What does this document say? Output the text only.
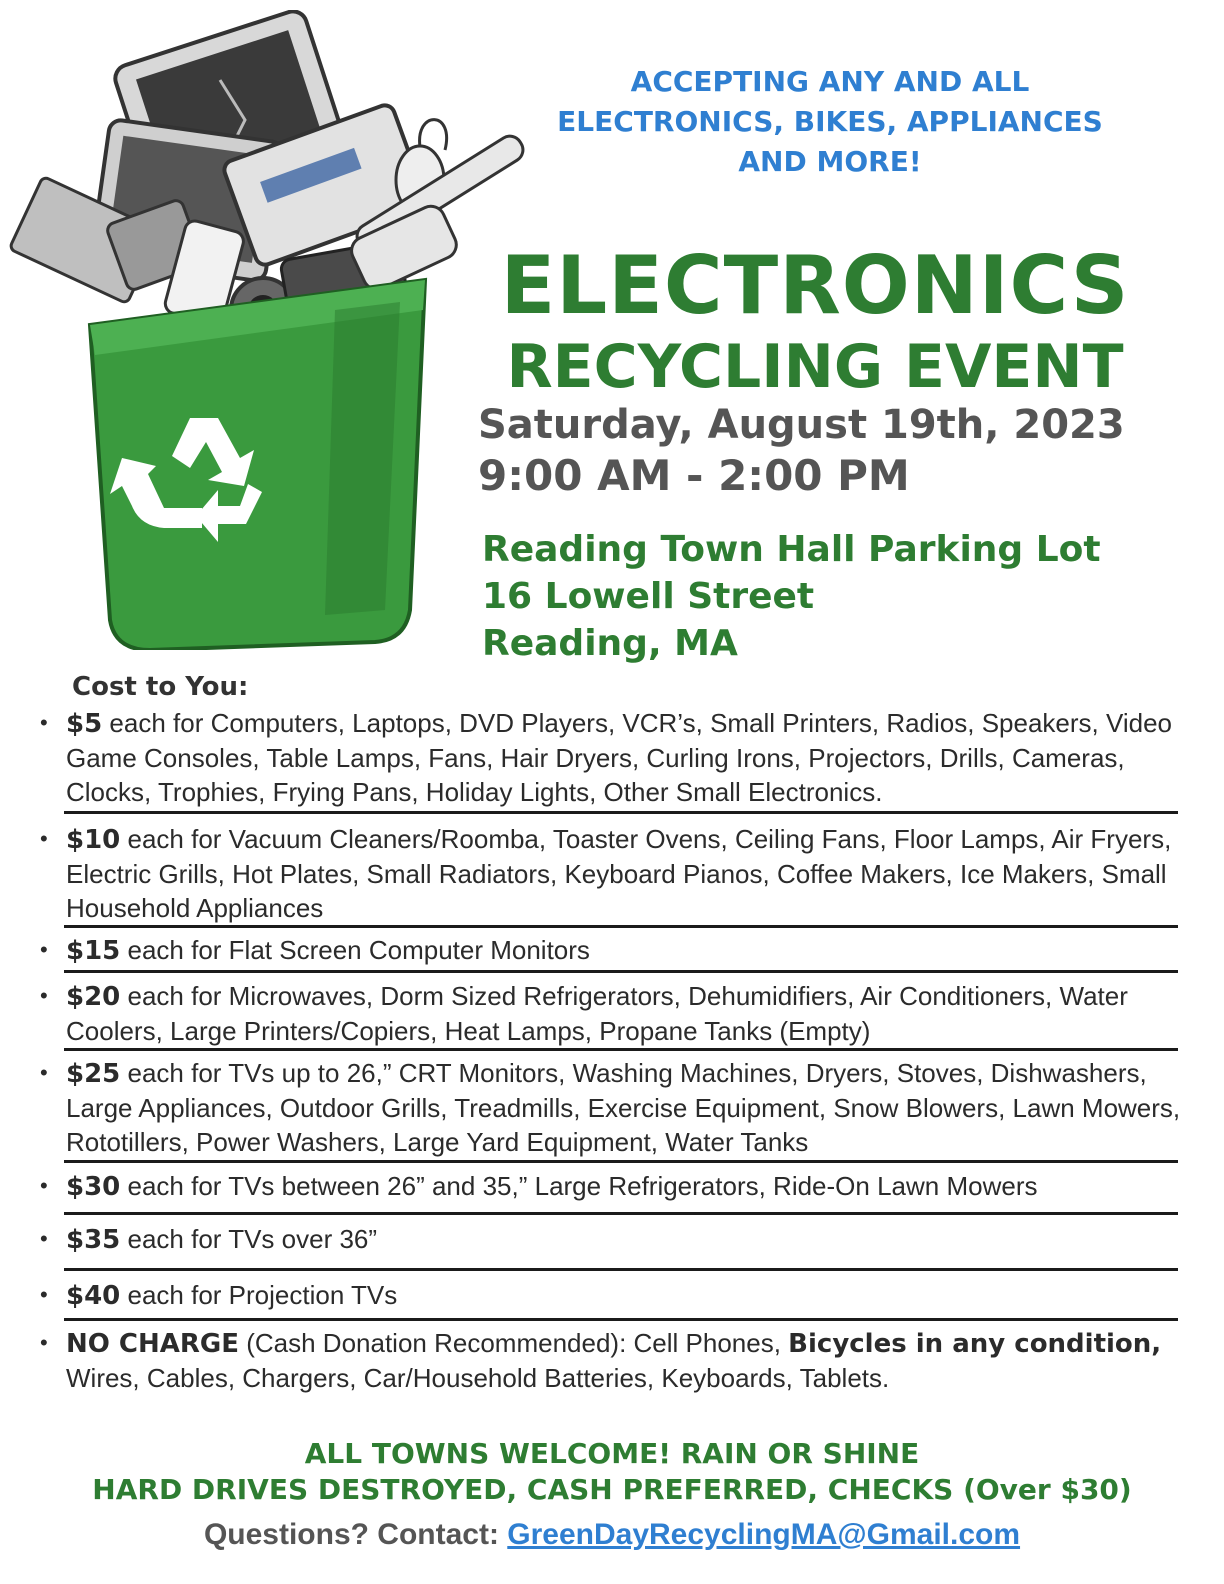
ACCEPTING ANY AND ALL
ELECTRONICS, BIKES, APPLIANCES
AND MORE!
ELECTRONICS
RECYCLING EVENT
Saturday, August 19th, 2023
9:00 AM - 2:00 PM
Reading Town Hall Parking Lot
16 Lowell Street
Reading, MA
Cost to You:
• $5 each for Computers, Laptops, DVD Players, VCR’s, Small Printers, Radios, Speakers, Video Game Consoles, Table Lamps, Fans, Hair Dryers, Curling Irons, Projectors, Drills, Cameras, Clocks, Trophies, Frying Pans, Holiday Lights, Other Small Electronics.
• $10 each for Vacuum Cleaners/Roomba, Toaster Ovens, Ceiling Fans, Floor Lamps, Air Fryers, Electric Grills, Hot Plates, Small Radiators, Keyboard Pianos, Coffee Makers, Ice Makers, Small Household Appliances
• $15 each for Flat Screen Computer Monitors
• $20 each for Microwaves, Dorm Sized Refrigerators, Dehumidifiers, Air Conditioners, Water Coolers, Large Printers/Copiers, Heat Lamps, Propane Tanks (Empty)
• $25 each for TVs up to 26,” CRT Monitors, Washing Machines, Dryers, Stoves, Dishwashers, Large Appliances, Outdoor Grills, Treadmills, Exercise Equipment, Snow Blowers, Lawn Mowers, Rototillers, Power Washers, Large Yard Equipment, Water Tanks
• $30 each for TVs between 26” and 35,” Large Refrigerators, Ride-On Lawn Mowers
• $35 each for TVs over 36”
• $40 each for Projection TVs
• NO CHARGE (Cash Donation Recommended): Cell Phones, Bicycles in any condition, Wires, Cables, Chargers, Car/Household Batteries, Keyboards, Tablets.
ALL TOWNS WELCOME! RAIN OR SHINE
HARD DRIVES DESTROYED, CASH PREFERRED, CHECKS (Over $30)
Questions? Contact: GreenDayRecyclingMA@Gmail.com
